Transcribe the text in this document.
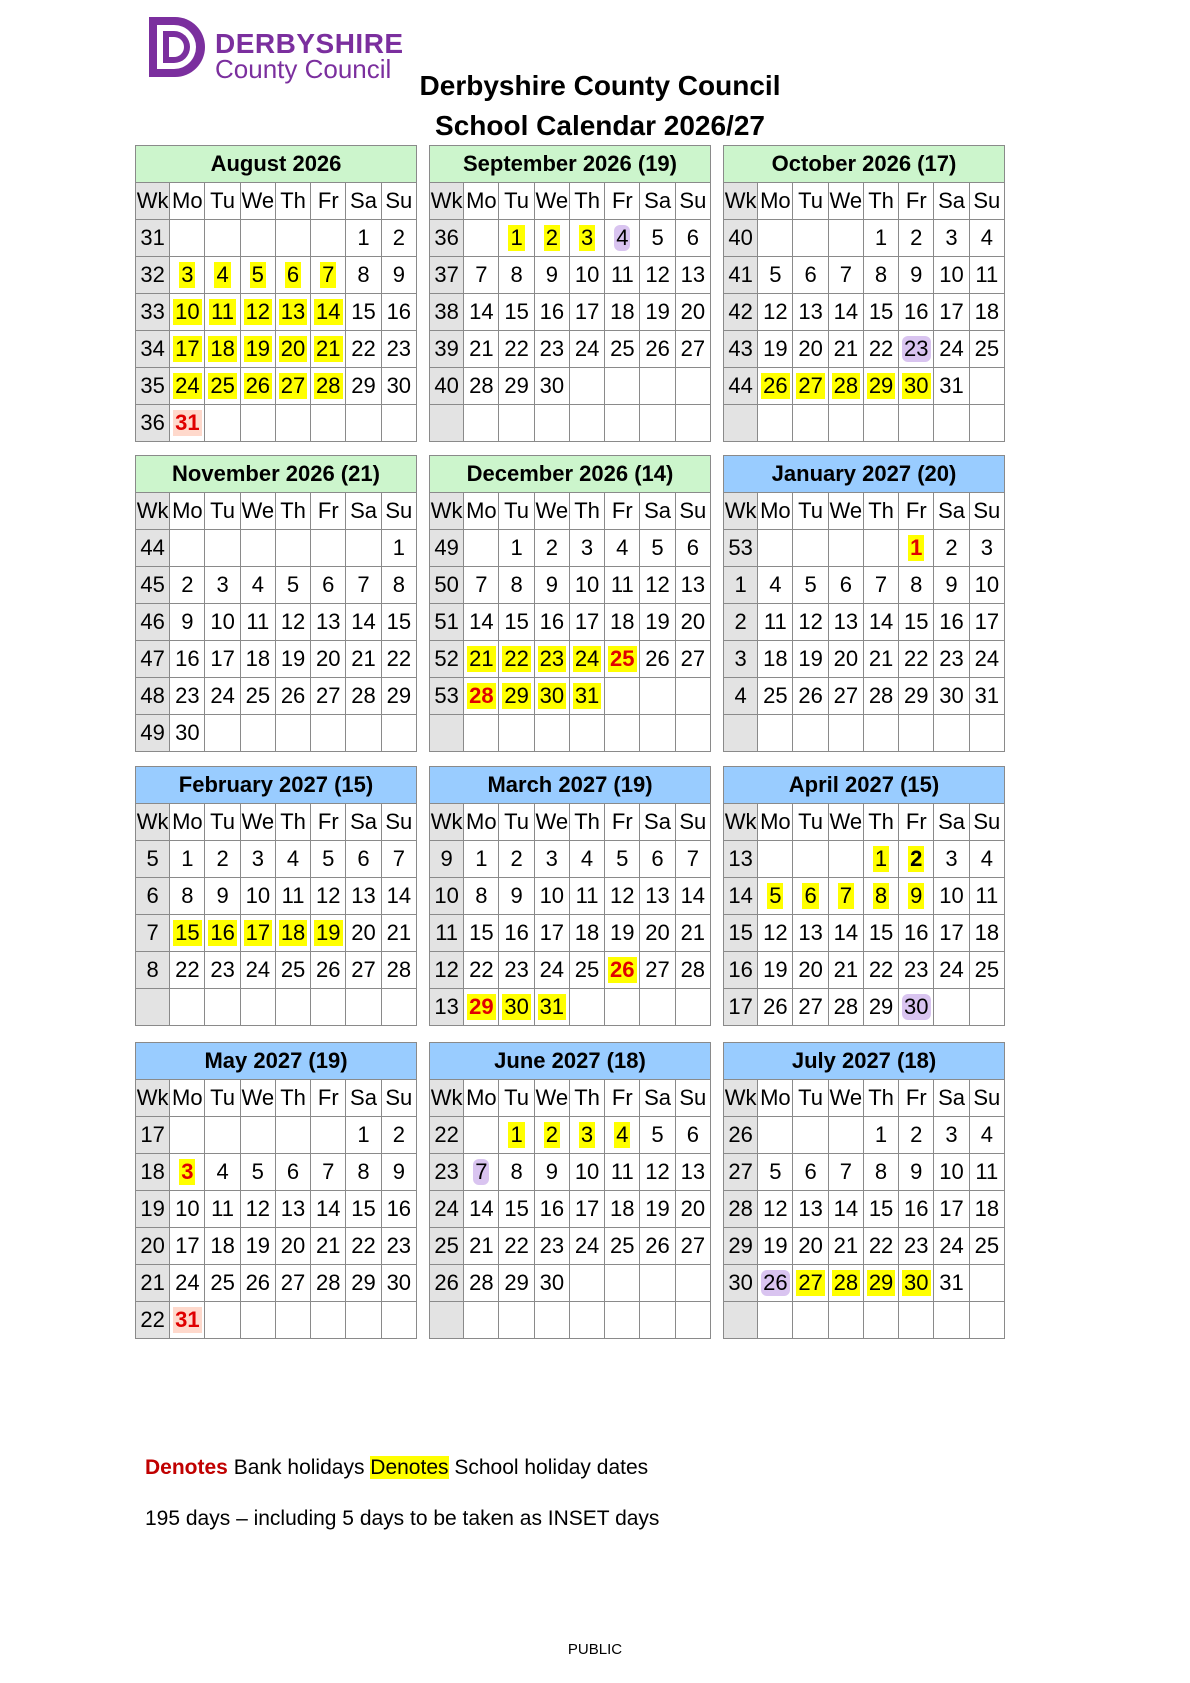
DERBYSHIRE
County Council
Derbyshire County Council
School Calendar 2026/27
August 2026							
Wk	Mo	Tu	We	Th	Fr	Sa	Su
31						1	2
32	3	4	5	6	7	8	9
33	10	11	12	13	14	15	16
34	17	18	19	20	21	22	23
35	24	25	26	27	28	29	30
36	31						
September 2026 (19)							
Wk	Mo	Tu	We	Th	Fr	Sa	Su
36		1	2	3	4	5	6
37	7	8	9	10	11	12	13
38	14	15	16	17	18	19	20
39	21	22	23	24	25	26	27
40	28	29	30				

October 2026 (17)							
Wk	Mo	Tu	We	Th	Fr	Sa	Su
40				1	2	3	4
41	5	6	7	8	9	10	11
42	12	13	14	15	16	17	18
43	19	20	21	22	23	24	25
44	26	27	28	29	30	31	

November 2026 (21)							
Wk	Mo	Tu	We	Th	Fr	Sa	Su
44							1
45	2	3	4	5	6	7	8
46	9	10	11	12	13	14	15
47	16	17	18	19	20	21	22
48	23	24	25	26	27	28	29
49	30						
December 2026 (14)							
Wk	Mo	Tu	We	Th	Fr	Sa	Su
49		1	2	3	4	5	6
50	7	8	9	10	11	12	13
51	14	15	16	17	18	19	20
52	21	22	23	24	25	26	27
53	28	29	30	31			

January 2027 (20)							
Wk	Mo	Tu	We	Th	Fr	Sa	Su
53					1	2	3
1	4	5	6	7	8	9	10
2	11	12	13	14	15	16	17
3	18	19	20	21	22	23	24
4	25	26	27	28	29	30	31

February 2027 (15)							
Wk	Mo	Tu	We	Th	Fr	Sa	Su
5	1	2	3	4	5	6	7
6	8	9	10	11	12	13	14
7	15	16	17	18	19	20	21
8	22	23	24	25	26	27	28

March 2027 (19)							
Wk	Mo	Tu	We	Th	Fr	Sa	Su
9	1	2	3	4	5	6	7
10	8	9	10	11	12	13	14
11	15	16	17	18	19	20	21
12	22	23	24	25	26	27	28
13	29	30	31				
April 2027 (15)							
Wk	Mo	Tu	We	Th	Fr	Sa	Su
13				1	2	3	4
14	5	6	7	8	9	10	11
15	12	13	14	15	16	17	18
16	19	20	21	22	23	24	25
17	26	27	28	29	30		
May 2027 (19)							
Wk	Mo	Tu	We	Th	Fr	Sa	Su
17						1	2
18	3	4	5	6	7	8	9
19	10	11	12	13	14	15	16
20	17	18	19	20	21	22	23
21	24	25	26	27	28	29	30
22	31						
June 2027 (18)							
Wk	Mo	Tu	We	Th	Fr	Sa	Su
22		1	2	3	4	5	6
23	7	8	9	10	11	12	13
24	14	15	16	17	18	19	20
25	21	22	23	24	25	26	27
26	28	29	30				

July 2027 (18)							
Wk	Mo	Tu	We	Th	Fr	Sa	Su
26				1	2	3	4
27	5	6	7	8	9	10	11
28	12	13	14	15	16	17	18
29	19	20	21	22	23	24	25
30	26	27	28	29	30	31	

Denotes Bank holidays Denotes School holiday dates
195 days – including 5 days to be taken as INSET days
PUBLIC
